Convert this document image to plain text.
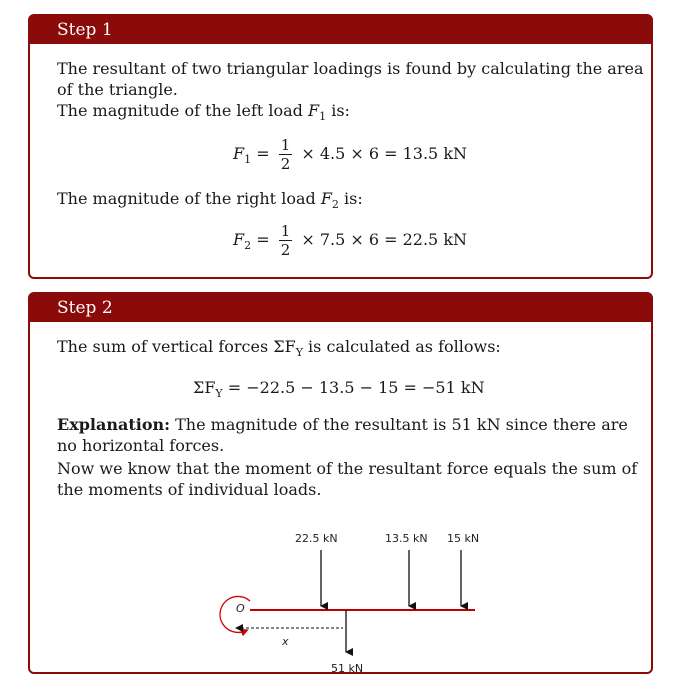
Step 1

The resultant of two triangular loadings is found by calculating the area

of the triangle.

The magnitude of the left load $F_1$ is:

$F_1 = \frac{1}{2} \times 4.5 \times 6 = 13.5$ kN

The magnitude of the right load $F_2$ is:

$F_2 = \frac{1}{2} \times 7.5 \times 6 = 22.5$ kN
Step 2

The sum of vertical forces $\Sigma F_Y$ is calculated as follows:

$\Sigma F_Y = -22.5 - 13.5 - 15 = -51$ kN

Explanation: The magnitude of the resultant is 51 kN since there are

no horizontal forces.

Now we know that the moment of the resultant force equals the sum of

the moments of individual loads.

O
22.5 kN	13.5 kN 15 kN
51 kN
x
